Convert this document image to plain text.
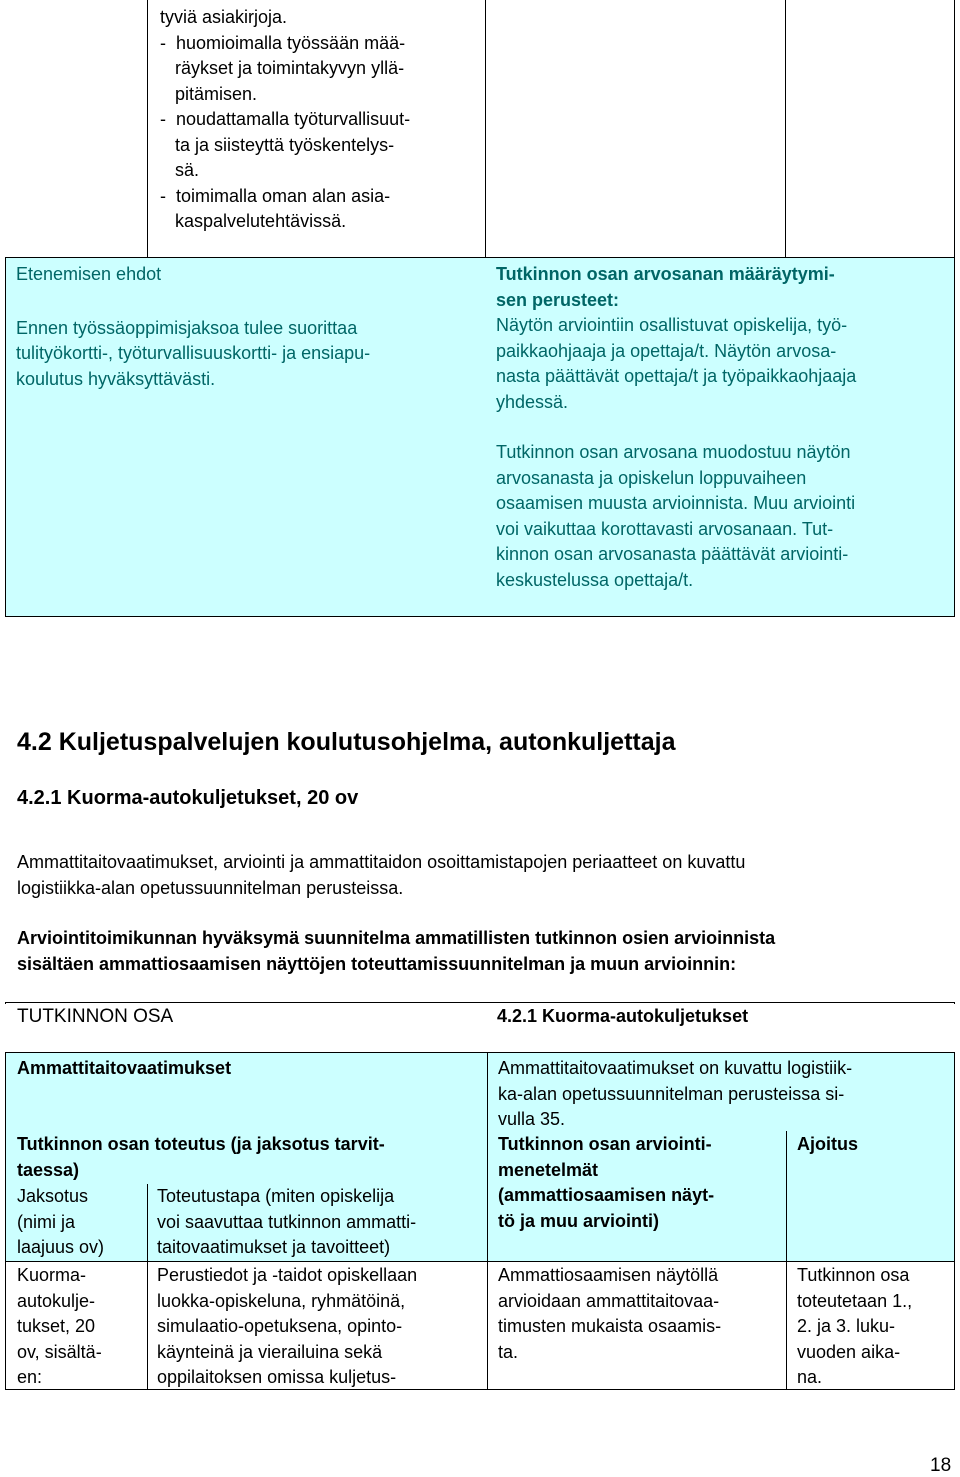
tyviä asiakirjoja.
-  huomioimalla työssään mää-
räykset ja toimintakyvyn yllä-
pitämisen.
-  noudattamalla työturvallisuut-
ta ja siisteyttä työskentelys-
sä.
-  toimimalla oman alan asia-
kaspalvelutehtävissä.
Etenemisen ehdot
Ennen työssäoppimisjaksoa tulee suorittaa
tulityökortti-, työturvallisuuskortti- ja ensiapu-
koulutus hyväksyttävästi.
Tutkinnon osan arvosanan määräytymi-
sen perusteet:
Näytön arviointiin osallistuvat opiskelija, työ-
paikkaohjaaja ja opettaja/t. Näytön arvosa-
nasta päättävät opettaja/t ja työpaikkaohjaaja
yhdessä.
Tutkinnon osan arvosana muodostuu näytön
arvosanasta ja opiskelun loppuvaiheen
osaamisen muusta arvioinnista. Muu arviointi
voi vaikuttaa korottavasti arvosanaan. Tut-
kinnon osan arvosanasta päättävät arviointi-
keskustelussa opettaja/t.
4.2 Kuljetuspalvelujen koulutusohjelma, autonkuljettaja
4.2.1 Kuorma-autokuljetukset, 20 ov
Ammattitaitovaatimukset, arviointi ja ammattitaidon osoittamistapojen periaatteet on kuvattu
logistiikka-alan opetussuunnitelman perusteissa.
Arviointitoimikunnan hyväksymä suunnitelma ammatillisten tutkinnon osien arvioinnista
sisältäen ammattiosaamisen näyttöjen toteuttamissuunnitelman ja muun arvioinnin:
TUTKINNON OSA	4.2.1 Kuorma-autokuljetukset
Ammattitaitovaatimukset	Ammattitaitovaatimukset on kuvattu logistiik-
ka-alan opetussuunnitelman perusteissa si-
vulla 35.
Tutkinnon osan toteutus (ja jaksotus tarvit-
taessa)
Jaksotus
(nimi ja
laajuus ov)
Toteutustapa (miten opiskelija
voi saavuttaa tutkinnon ammatti-
taitovaatimukset ja tavoitteet)
Tutkinnon osan arviointi-
menetelmät
(ammattiosaamisen näyt-
tö ja muu arviointi)
Ajoitus
Kuorma-
autokulje-
tukset, 20
ov, sisältä-
en:
Perustiedot ja -taidot opiskellaan
luokka-opiskeluna, ryhmätöinä,
simulaatio-opetuksena, opinto-
käynteinä ja vierailuina sekä
oppilaitoksen omissa kuljetus-
Ammattiosaamisen näytöllä
arvioidaan ammattitaitovaa-
timusten mukaista osaamis-
ta.
Tutkinnon osa
toteutetaan 1.,
2. ja 3. luku-
vuoden aika-
na.
18
